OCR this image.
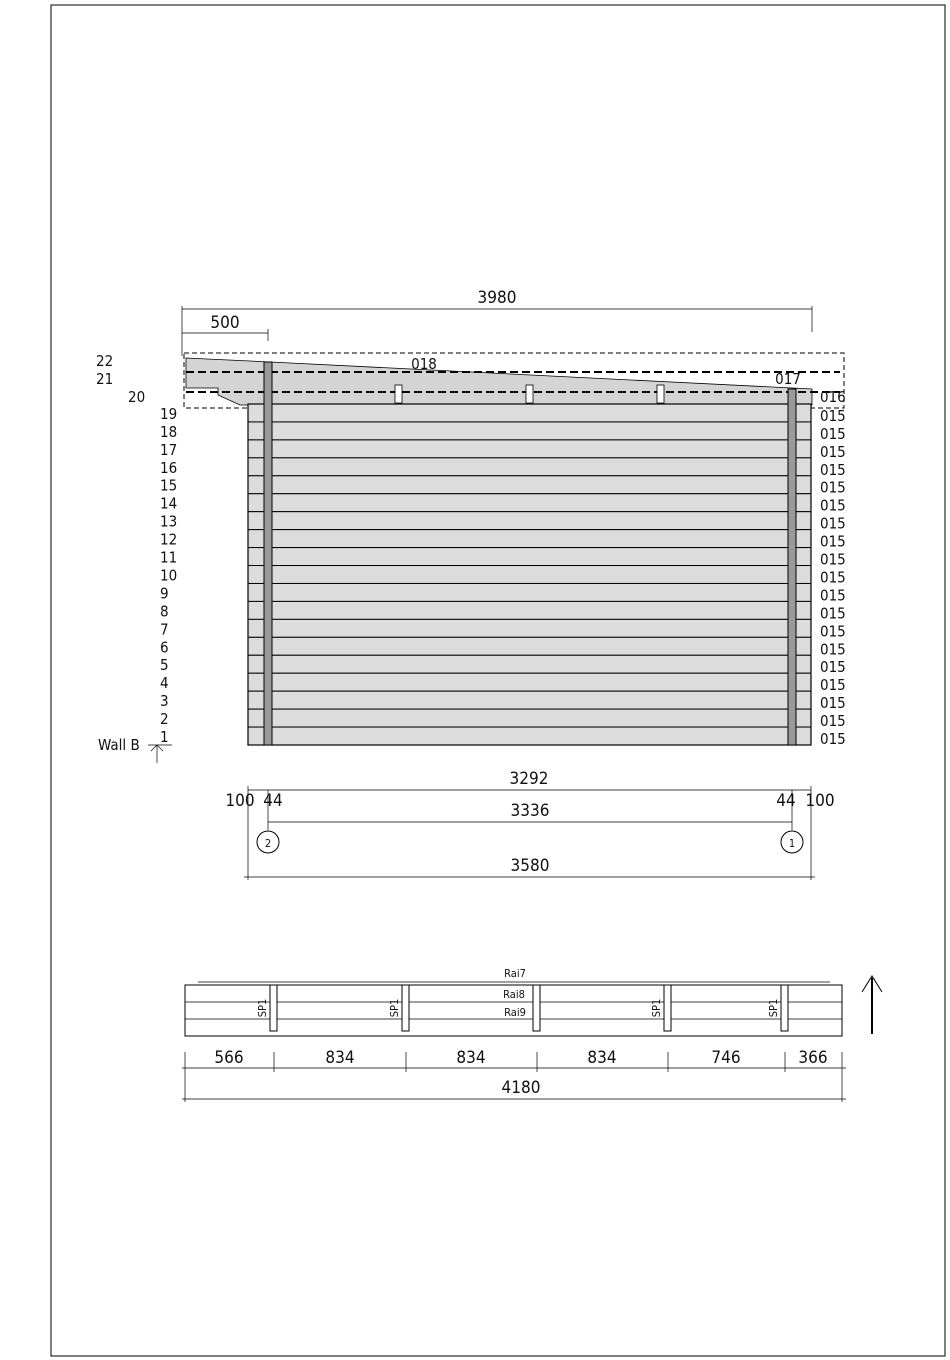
3980
500
018
017
016
22
21
20
19	015
18	015
17	015
16	015
15	015
14	015
13	015
12	015
11	015
10	015
9	015
8	015
7	015
6	015
5	015
4	015
3	015
2	015
1	015
Wall B
3292
100 44	44 100
3336
2	1
3580
Rai7
Rai8
Rai9
SP1	SP1	SP1	SP1
566	834	834	834	746	366
4180
